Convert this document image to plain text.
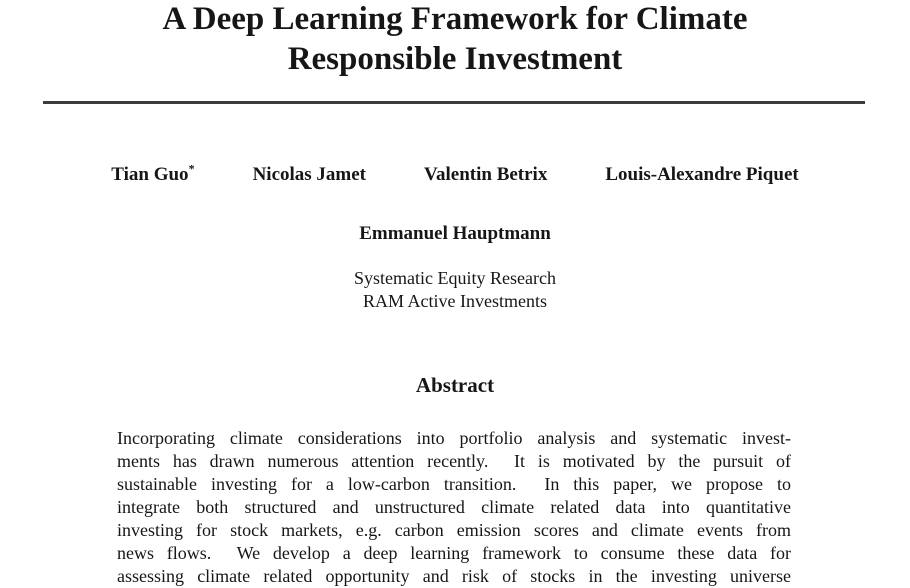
A Deep Learning Framework for Climate
Responsible Investment
Tian Guo*	Nicolas Jamet	Valentin Betrix	Louis-Alexandre Piquet
Emmanuel Hauptmann
Systematic Equity Research
RAM Active Investments
Abstract
Incorporating climate considerations into portfolio analysis and systematic invest-
ments has drawn numerous attention recently.  It is motivated by the pursuit of
sustainable investing for a low-carbon transition.  In this paper, we propose to
integrate both structured and unstructured climate related data into quantitative
investing for stock markets, e.g. carbon emission scores and climate events from
news flows.  We develop a deep learning framework to consume these data for
assessing climate related opportunity and risk of stocks in the investing universe
